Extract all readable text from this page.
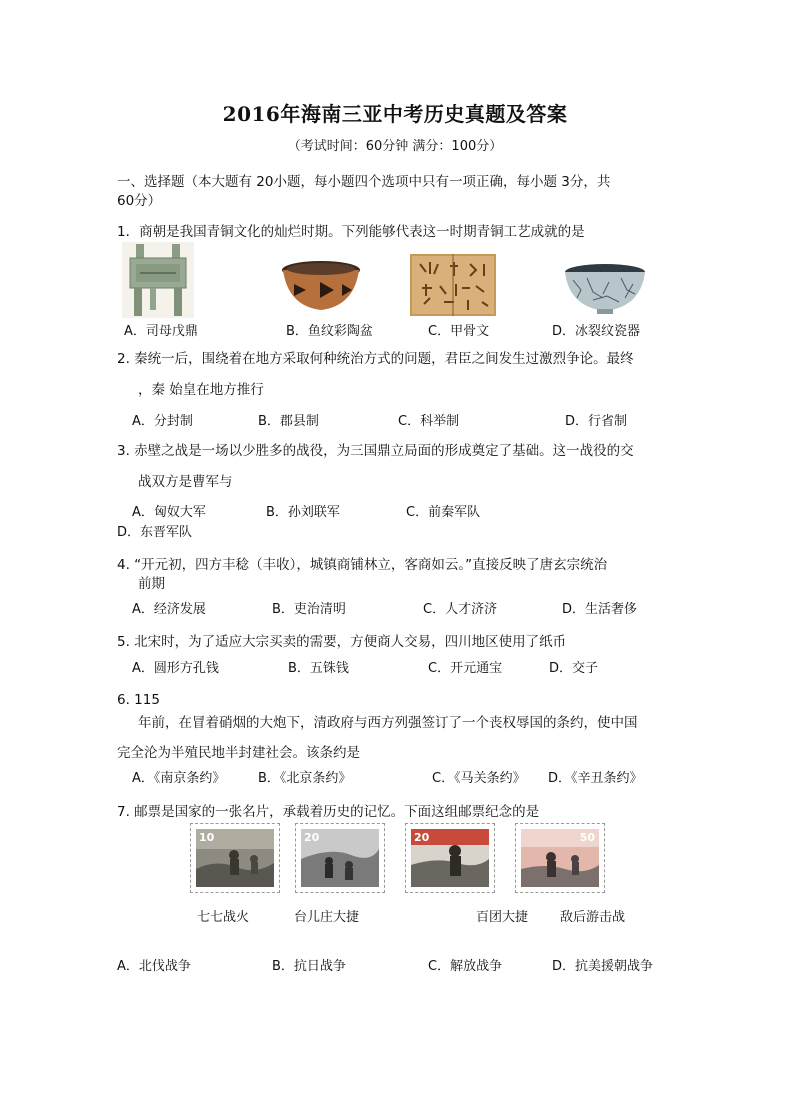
2016年海南三亚中考历史真题及答案
（考试时间：60分钟 满分：100分）
一、选择题（本大题有 20小题，每小题四个选项中只有一项正确，每小题 3分，共
60分）
1．商朝是我国青铜文化的灿烂时期。下列能够代表这一时期青铜工艺成就的是
A．司母戊鼎	B．鱼纹彩陶盆	C．甲骨文	D．冰裂纹瓷器
2. 秦统一后，围绕着在地方采取何种统治方式的问题，君臣之间发生过激烈争论。最终
，秦 始皇在地方推行
A．分封制	B．郡县制	C．科举制	D．行省制
3. 赤壁之战是一场以少胜多的战役，为三国鼎立局面的形成奠定了基础。这一战役的交
战双方是曹军与
A．匈奴大军	B．孙刘联军	C．前秦军队
D．东晋军队
4. “开元初，四方丰稔（丰收），城镇商铺林立，客商如云。”直接反映了唐玄宗统治
前期
A．经济发展	B．吏治清明	C．人才济济	D．生活奢侈
5. 北宋时，为了适应大宗买卖的需要，方便商人交易，四川地区使用了纸币
A．圆形方孔钱	B．五铢钱	C．开元通宝	D．交子
6. 115
年前，在冒着硝烟的大炮下，清政府与西方列强签订了一个丧权辱国的条约，使中国
完全沦为半殖民地半封建社会。该条约是
A．《南京条约》	B．《北京条约》	C．《马关条约》 D．《辛丑条约》
7. 邮票是国家的一张名片，承载着历史的记忆。下面这组邮票纪念的是
10	20	20	50
七七战火	台儿庄大捷	百团大捷 敌后游击战
A．北伐战争	B．抗日战争	C．解放战争	D．抗美援朝战争
